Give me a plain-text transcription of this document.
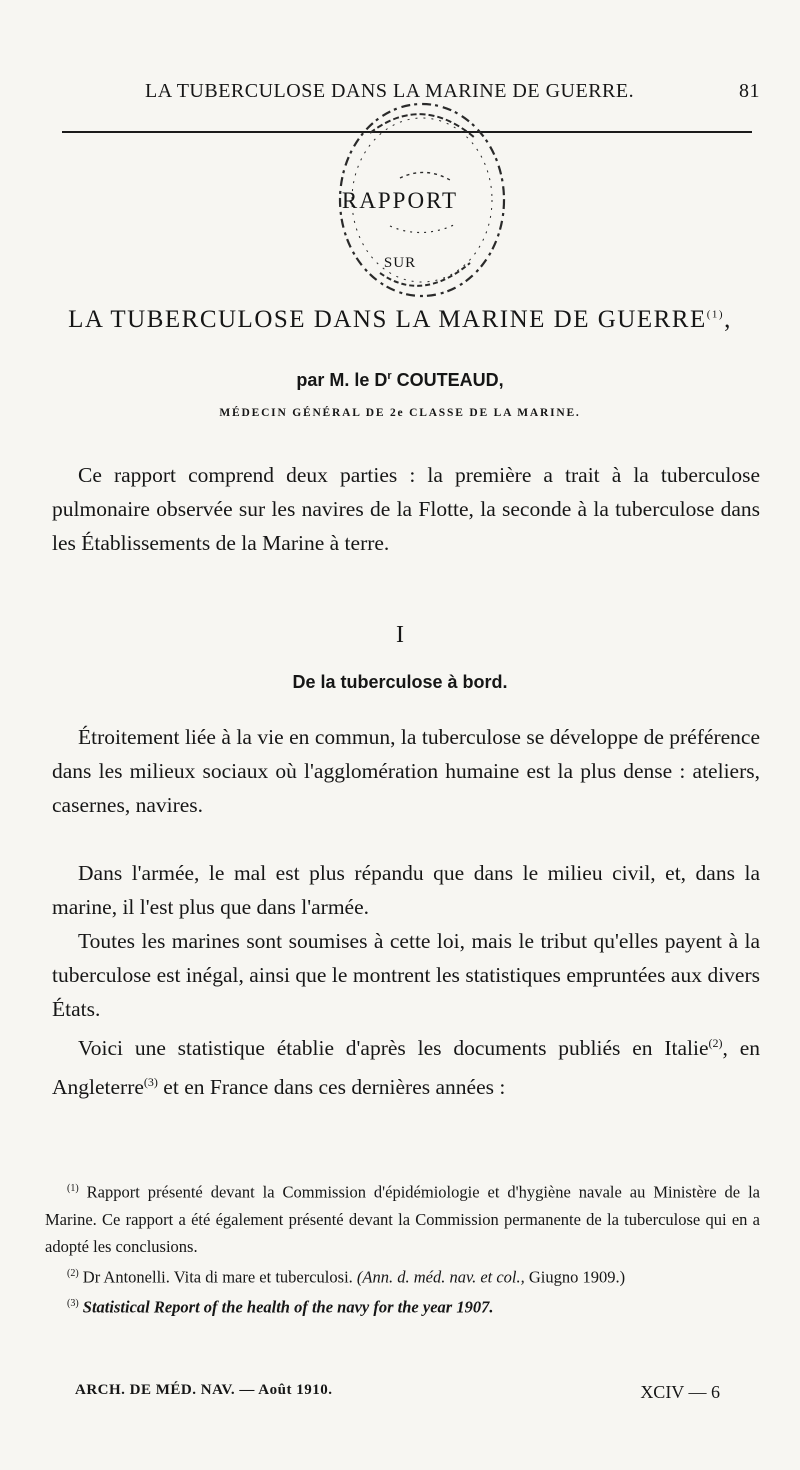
LA TUBERCULOSE DANS LA MARINE DE GUERRE.	81
RAPPORT
SUR
LA TUBERCULOSE DANS LA MARINE DE GUERRE$^{(1)}$,
par M. le $D^r$ COUTEAUD,
MÉDECIN GÉNÉRAL DE 2e CLASSE DE LA MARINE.
Ce rapport comprend deux parties : la première a trait à la tuberculose pulmonaire observée sur les navires de la Flotte, la seconde à la tuberculose dans les Établissements de la Marine à terre.
I
De la tuberculose à bord.
Étroitement liée à la vie en commun, la tuberculose se développe de préférence dans les milieux sociaux où l'agglomération humaine est la plus dense : ateliers, casernes, navires.
Dans l'armée, le mal est plus répandu que dans le milieu civil, et, dans la marine, il l'est plus que dans l'armée.
Toutes les marines sont soumises à cette loi, mais le tribut qu'elles payent à la tuberculose est inégal, ainsi que le montrent les statistiques empruntées aux divers États.
Voici une statistique établie d'après les documents publiés en Italie$^{(2)}$, en Angleterre$^{(3)}$ et en France dans ces dernières années :
$^{(1)}$ Rapport présenté devant la Commission d'épidémiologie et d'hygiène navale au Ministère de la Marine. Ce rapport a été également présenté devant la Commission permanente de la tuberculose qui en a adopté les conclusions.
$^{(2)}$ Dr Antonelli. Vita di mare et tuberculosi. (Ann. d. méd. nav. et col., Giugno 1909.)
$^{(3)}$ Statistical Report of the health of the navy for the year 1907.
ARCH. DE MÉD. NAV. — Août 1910.	XCIV — 6
